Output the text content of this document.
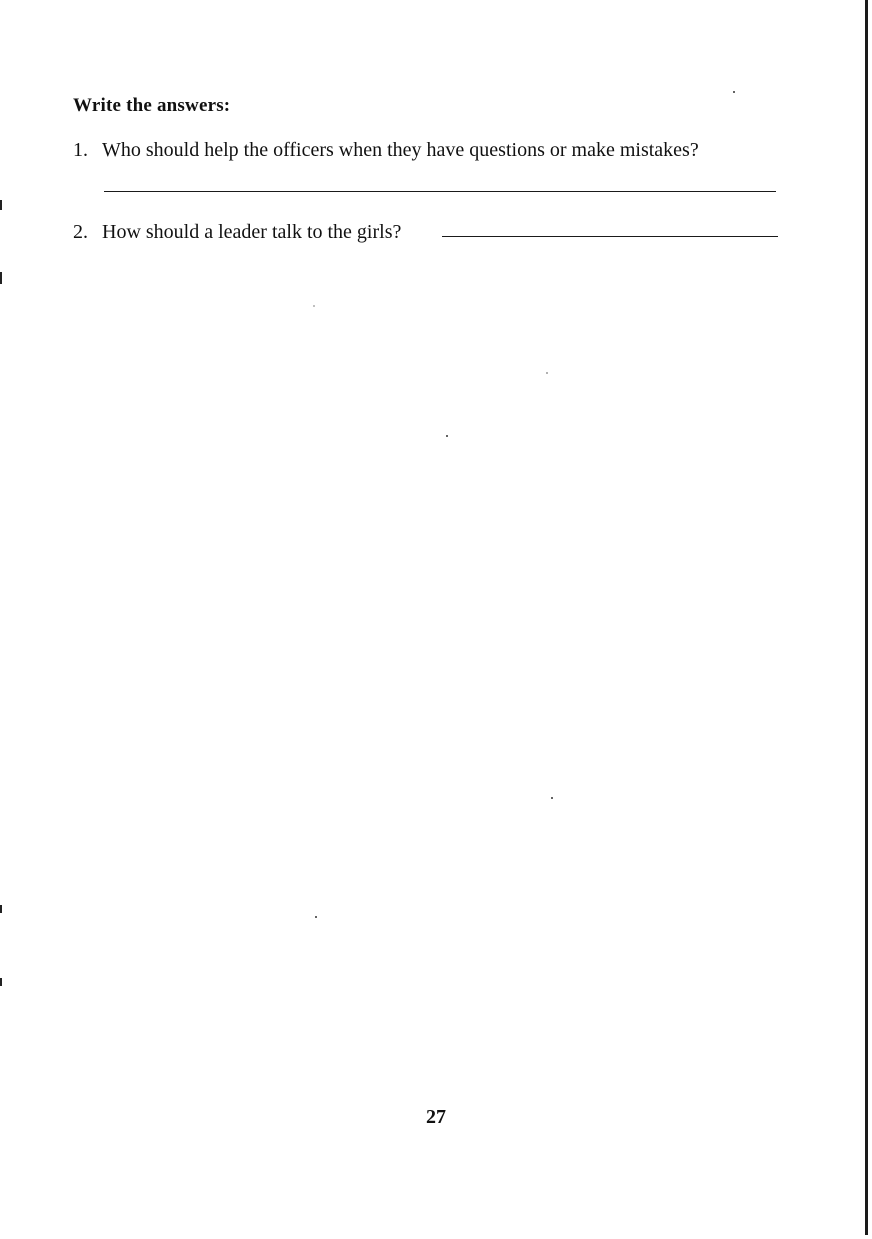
Write the answers:
1. Who should help the officers when they have questions or make mistakes?
2. How should a leader talk to the girls?
27
